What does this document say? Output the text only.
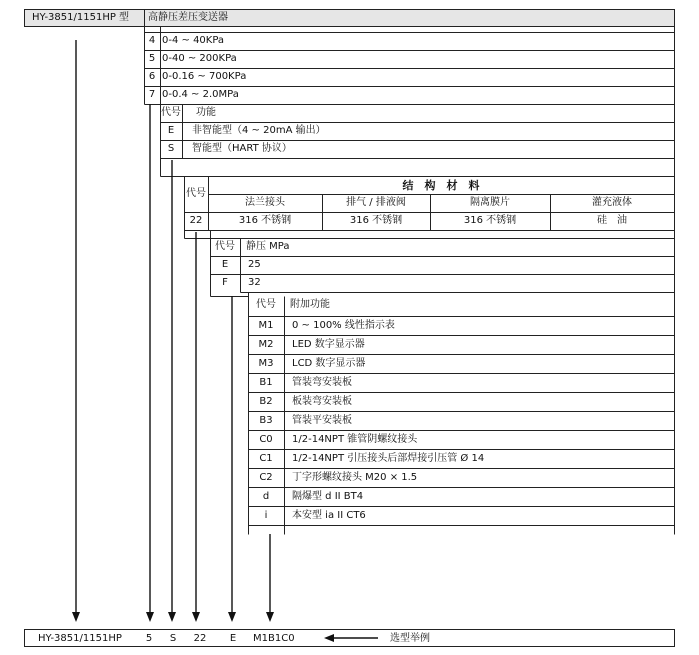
HY-3851/1151HP 型	高静压差压变送器
4 0-4 ~ 40KPa
5 0-40 ~ 200KPa
6 0-0.16 ~ 700KPa
7 0-0.4 ~ 2.0MPa
代号 功能
E	非智能型（4 ~ 20mA 输出）
S	智能型（HART 协议）
代号
结　构　材　料
法兰接头	排气 / 排液阀	隔离膜片	灌充液体
22	316 不锈钢	316 不锈钢	316 不锈钢	硅　油
代号	静压 MPa
E	25
F	32
代号	附加功能
M1	0 ~ 100% 线性指示表
M2	LED 数字显示器
M3	LCD 数字显示器
B1	管装弯安装板
B2	板装弯安装板
B3	管装平安装板
C0	1/2-14NPT 锥管阴螺纹接头
C1	1/2-14NPT 引压接头后部焊接引压管 Ø 14
C2	丁字形螺纹接头 M20 × 1.5
d	隔爆型 d II BT4
i	本安型 ia II CT6
HY-3851/1151HP	5	S	22	E	M1B1C0	选型举例
